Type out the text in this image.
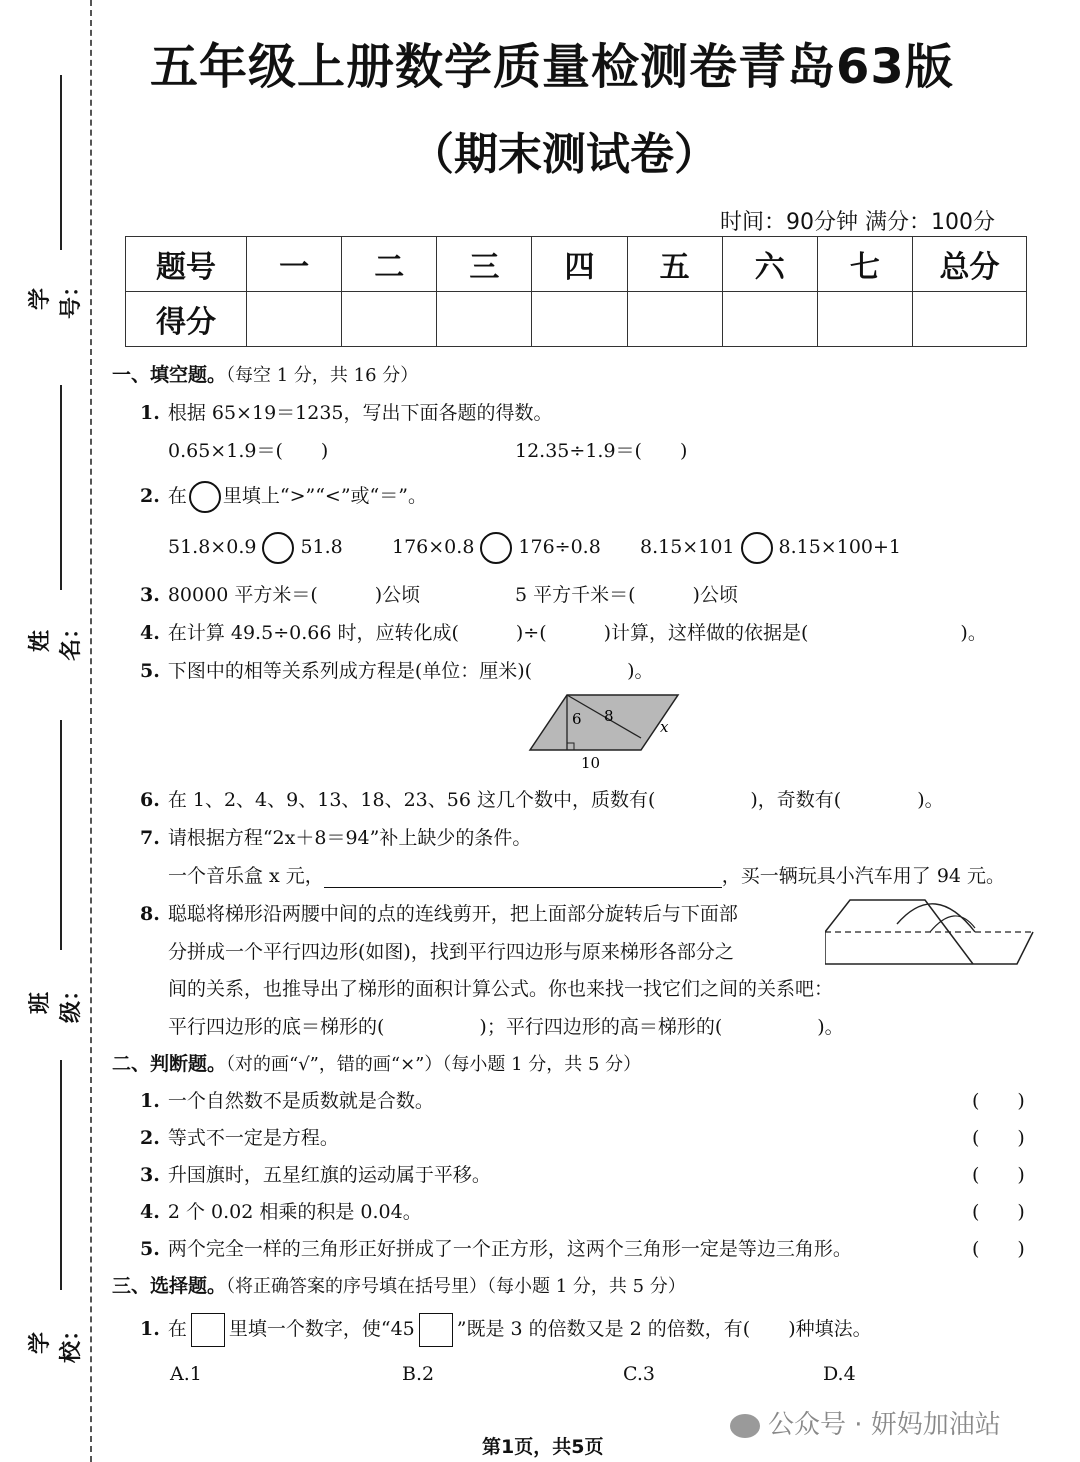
学号：
姓名：
班级：
学校：
五年级上册数学质量检测卷青岛63版
（期末测试卷）
时间：90分钟 满分：100分
题号	一	二	三	四	五	六	七	总分
得分								
一、填空题。（每空 1 分，共 16 分）
1. 根据 65×19＝1235，写出下面各题的得数。
0.65×1.9＝(　　)	12.35÷1.9＝(　　)
2. 在 里填上“>”“<”或“＝”。
51.8×0.9 51.8	176×0.8 176÷0.8 8.15×101 8.15×100+1
3. 80000 平方米＝(　　　)公顷	5 平方千米＝(　　　)公顷
4. 在计算 49.5÷0.66 时，应转化成(　　　)÷(　　　)计算，这样做的依据是(　　　　　　　　)。
5. 下图中的相等关系列成方程是(单位：厘米)(　　　　　)。
6 8
x
10
6. 在 1、2、4、9、13、18、23、56 这几个数中，质数有(　　　　　)，奇数有(　　　　)。
7. 请根据方程“2x＋8＝94”补上缺少的条件。
一个音乐盒 x 元，	，买一辆玩具小汽车用了 94 元。
8. 聪聪将梯形沿两腰中间的点的连线剪开，把上面部分旋转后与下面部
分拼成一个平行四边形(如图)，找到平行四边形与原来梯形各部分之
间的关系，也推导出了梯形的面积计算公式。你也来找一找它们之间的关系吧：
平行四边形的底＝梯形的(　　　　　)；平行四边形的高＝梯形的(　　　　　)。
二、判断题。（对的画“√”，错的画“×”）（每小题 1 分，共 5 分）
1. 一个自然数不是质数就是合数。	(　　)
2. 等式不一定是方程。	(　　)
3. 升国旗时，五星红旗的运动属于平移。	(　　)
4. 2 个 0.02 相乘的积是 0.04。	(　　)
5. 两个完全一样的三角形正好拼成了一个正方形，这两个三角形一定是等边三角形。	(　　)
三、选择题。（将正确答案的序号填在括号里）（每小题 1 分，共 5 分）
1. 在 里填一个数字，使“45 ”既是 3 的倍数又是 2 的倍数，有(　　)种填法。
A.1	B.2	C.3	D.4
公众号 · 妍妈加油站
第1页，共5页
